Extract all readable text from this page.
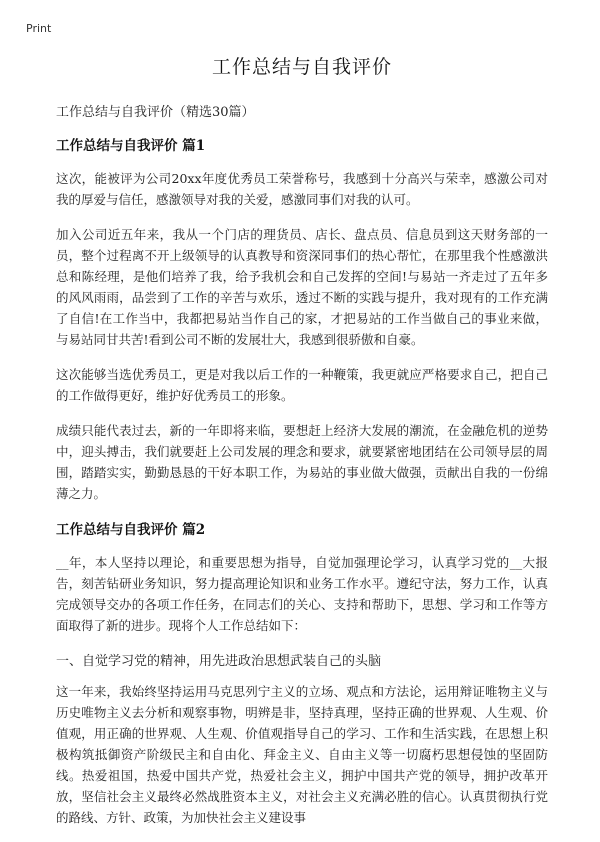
Print
工作总结与自我评价

工作总结与自我评价（精选30篇）

工作总结与自我评价 篇1

这次，能被评为公司20xx年度优秀员工荣誉称号，我感到十分高兴与荣幸，感激公司对我的厚爱与信任，感激领导对我的关爱，感激同事们对我的认可。

加入公司近五年来，我从一个门店的理货员、店长、盘点员、信息员到这天财务部的一员，整个过程离不开上级领导的认真教导和资深同事们的热心帮忙，在那里我个性感激洪总和陈经理，是他们培养了我，给予我机会和自己发挥的空间!与易站一齐走过了五年多的风风雨雨，品尝到了工作的辛苦与欢乐，透过不断的实践与提升，我对现有的工作充满了自信!在工作当中，我都把易站当作自己的家，才把易站的工作当做自己的事业来做，与易站同甘共苦!看到公司不断的发展壮大，我感到很骄傲和自豪。

这次能够当选优秀员工，更是对我以后工作的一种鞭策，我更就应严格要求自己，把自己的工作做得更好，维护好优秀员工的形象。

成绩只能代表过去，新的一年即将来临，要想赶上经济大发展的潮流，在金融危机的逆势中，迎头搏击，我们就要赶上公司发展的理念和要求，就要紧密地团结在公司领导层的周围，踏踏实实，勤勤恳恳的干好本职工作，为易站的事业做大做强，贡献出自我的一份绵薄之力。

工作总结与自我评价 篇2

__年，本人坚持以理论，和重要思想为指导，自觉加强理论学习，认真学习党的__大报告，刻苦钻研业务知识，努力提高理论知识和业务工作水平。遵纪守法，努力工作，认真完成领导交办的各项工作任务，在同志们的关心、支持和帮助下，思想、学习和工作等方面取得了新的进步。现将个人工作总结如下：

一、自觉学习党的精神，用先进政治思想武装自己的头脑

这一年来，我始终坚持运用马克思列宁主义的立场、观点和方法论，运用辩证唯物主义与历史唯物主义去分析和观察事物，明辨是非，坚持真理，坚持正确的世界观、人生观、价值观，用正确的世界观、人生观、价值观指导自己的学习、工作和生活实践，在思想上积极构筑抵御资产阶级民主和自由化、拜金主义、自由主义等一切腐朽思想侵蚀的坚固防线。热爱祖国，热爱中国共产党，热爱社会主义，拥护中国共产党的领导，拥护改革开放，坚信社会主义最终必然战胜资本主义，对社会主义充满必胜的信心。认真贯彻执行党的路线、方针、政策，为加快社会主义建设事
